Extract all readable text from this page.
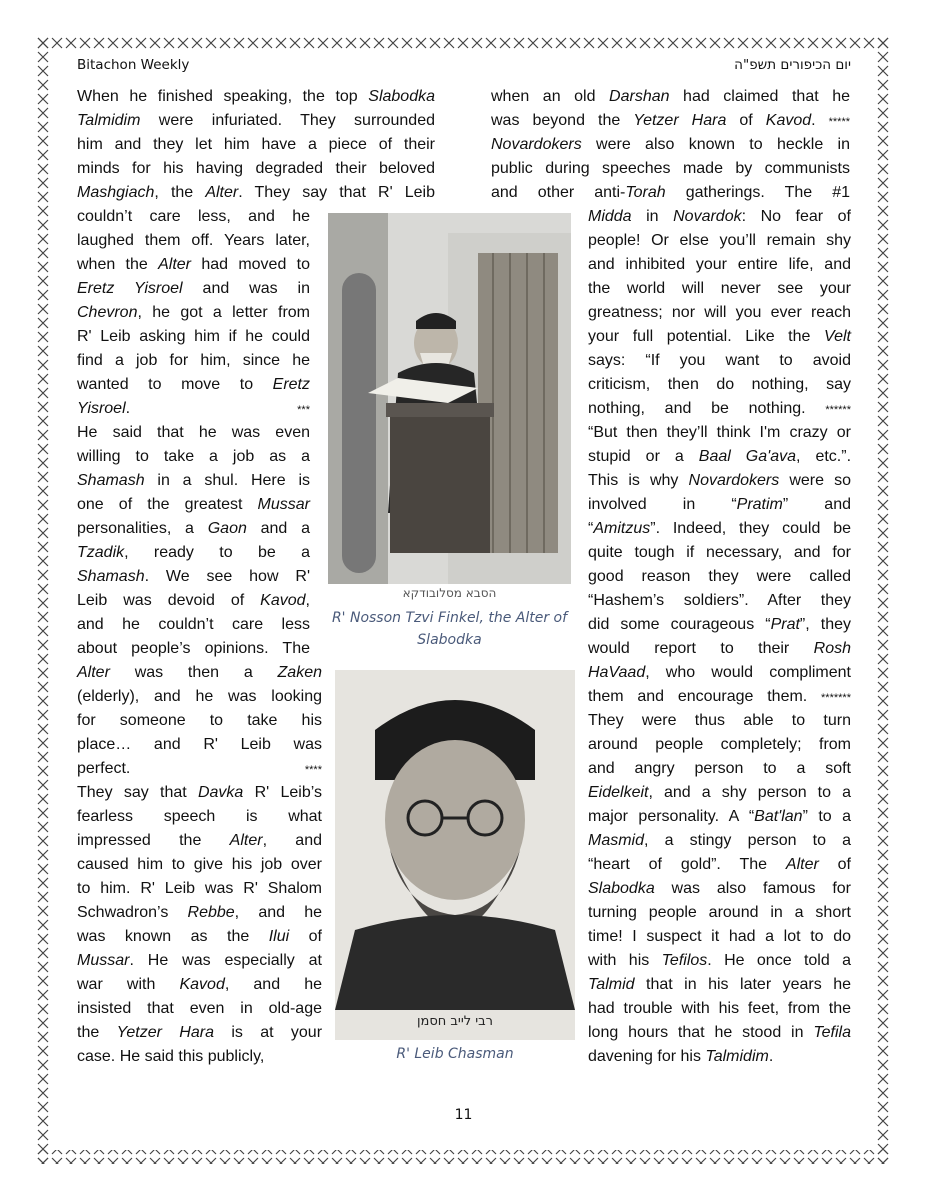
Bitachon Weekly	יום הכיפורים תשפ"ה
When he finished speaking, the top Slabodka
Talmidim were infuriated. They surrounded
him and they let him have a piece of their
minds for his having degraded their beloved
Mashgiach, the Alter. They say that R' Leib
couldn’t care less, and he
laughed them off. Years later,
when the Alter had moved to
Eretz Yisroel and was in
Chevron, he got a letter from
R' Leib asking him if he could
find a job for him, since he
wanted to move to Eretz
Yisroel. ***
He said that he was even
willing to take a job as a
Shamash in a shul. Here is
one of the greatest Mussar
personalities, a Gaon and a
Tzadik, ready to be a
Shamash. We see how R'
Leib was devoid of Kavod,
and he couldn’t care less
about people’s opinions. The
Alter was then a Zaken
(elderly), and he was looking
for someone to take his
place… and R' Leib was
perfect. ****
They say that Davka R' Leib’s
fearless speech is what
impressed the Alter, and
caused him to give his job over
to him. R' Leib was R' Shalom
Schwadron’s Rebbe, and he
was known as the Ilui of
Mussar. He was especially at
war with Kavod, and he
insisted that even in old-age
the Yetzer Hara is at your
case. He said this publicly,
when an old Darshan had claimed that he
was beyond the Yetzer Hara of Kavod. *****
Novardokers were also known to heckle in
public during speeches made by communists
and other anti-Torah gatherings. The #1
Midda in Novardok: No fear of
people! Or else you’ll remain shy
and inhibited your entire life, and
the world will never see your
greatness; nor will you ever reach
your full potential. Like the Velt
says: “If you want to avoid
criticism, then do nothing, say
nothing, and be nothing. ******
“But then they’ll think I'm crazy or
stupid or a Baal Ga'ava, etc.”.
This is why Novardokers were so
involved in “Pratim” and
“Amitzus”. Indeed, they could be
quite tough if necessary, and for
good reason they were called
“Hashem’s soldiers”. After they
did some courageous “Prat”, they
would report to their Rosh
HaVaad, who would compliment
them and encourage them. *******
They were thus able to turn
around people completely; from
and angry person to a soft
Eidelkeit, and a shy person to a
major personality. A “Bat'lan” to a
Masmid, a stingy person to a
“heart of gold”. The Alter of
Slabodka was also famous for
turning people around in a short
time! I suspect it had a lot to do
with his Tefilos. He once told a
Talmid that in his later years he
had trouble with his feet, from the
long hours that he stood in Tefila
davening for his Talmidim.
הסבא מסלובודקא
R' Nosson Tzvi Finkel, the Alter of
Slabodka
רבי לייב חסמן
R' Leib Chasman
11
